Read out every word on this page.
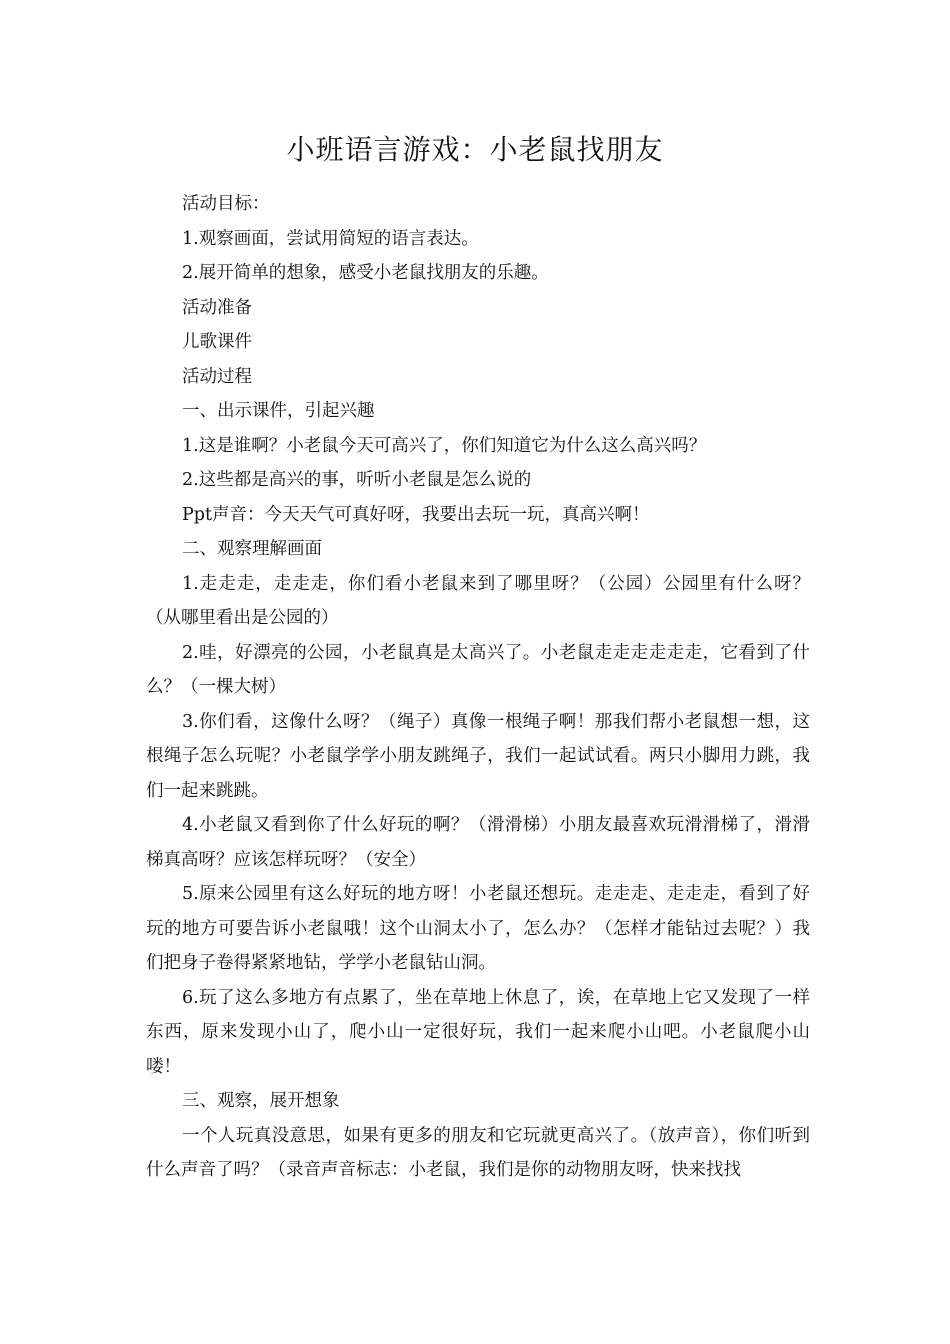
小班语言游戏：小老鼠找朋友

活动目标：

1.观察画面，尝试用简短的语言表达。

2.展开简单的想象，感受小老鼠找朋友的乐趣。

活动准备

儿歌课件

活动过程

一、出示课件，引起兴趣

1.这是谁啊？小老鼠今天可高兴了，你们知道它为什么这么高兴吗？

2.这些都是高兴的事，听听小老鼠是怎么说的

Ppt声音：今天天气可真好呀，我要出去玩一玩，真高兴啊！

二、观察理解画面

1.走走走，走走走，你们看小老鼠来到了哪里呀？（公园）公园里有什么呀？（从哪里看出是公园的）

2.哇，好漂亮的公园，小老鼠真是太高兴了。小老鼠走走走走走走，它看到了什么？（一棵大树）

3.你们看，这像什么呀？（绳子）真像一根绳子啊！那我们帮小老鼠想一想，这根绳子怎么玩呢？小老鼠学学小朋友跳绳子，我们一起试试看。两只小脚用力跳，我们一起来跳跳。

4.小老鼠又看到你了什么好玩的啊？（滑滑梯）小朋友最喜欢玩滑滑梯了，滑滑梯真高呀？应该怎样玩呀？（安全）

5.原来公园里有这么好玩的地方呀！小老鼠还想玩。走走走、走走走，看到了好玩的地方可要告诉小老鼠哦！这个山洞太小了，怎么办？（怎样才能钻过去呢？）我们把身子卷得紧紧地钻，学学小老鼠钻山洞。

6.玩了这么多地方有点累了，坐在草地上休息了，诶，在草地上它又发现了一样东西，原来发现小山了，爬小山一定很好玩，我们一起来爬小山吧。小老鼠爬小山喽！

三、观察，展开想象

一个人玩真没意思，如果有更多的朋友和它玩就更高兴了。（放声音），你们听到什么声音了吗？（录音声音标志：小老鼠，我们是你的动物朋友呀，快来找找
